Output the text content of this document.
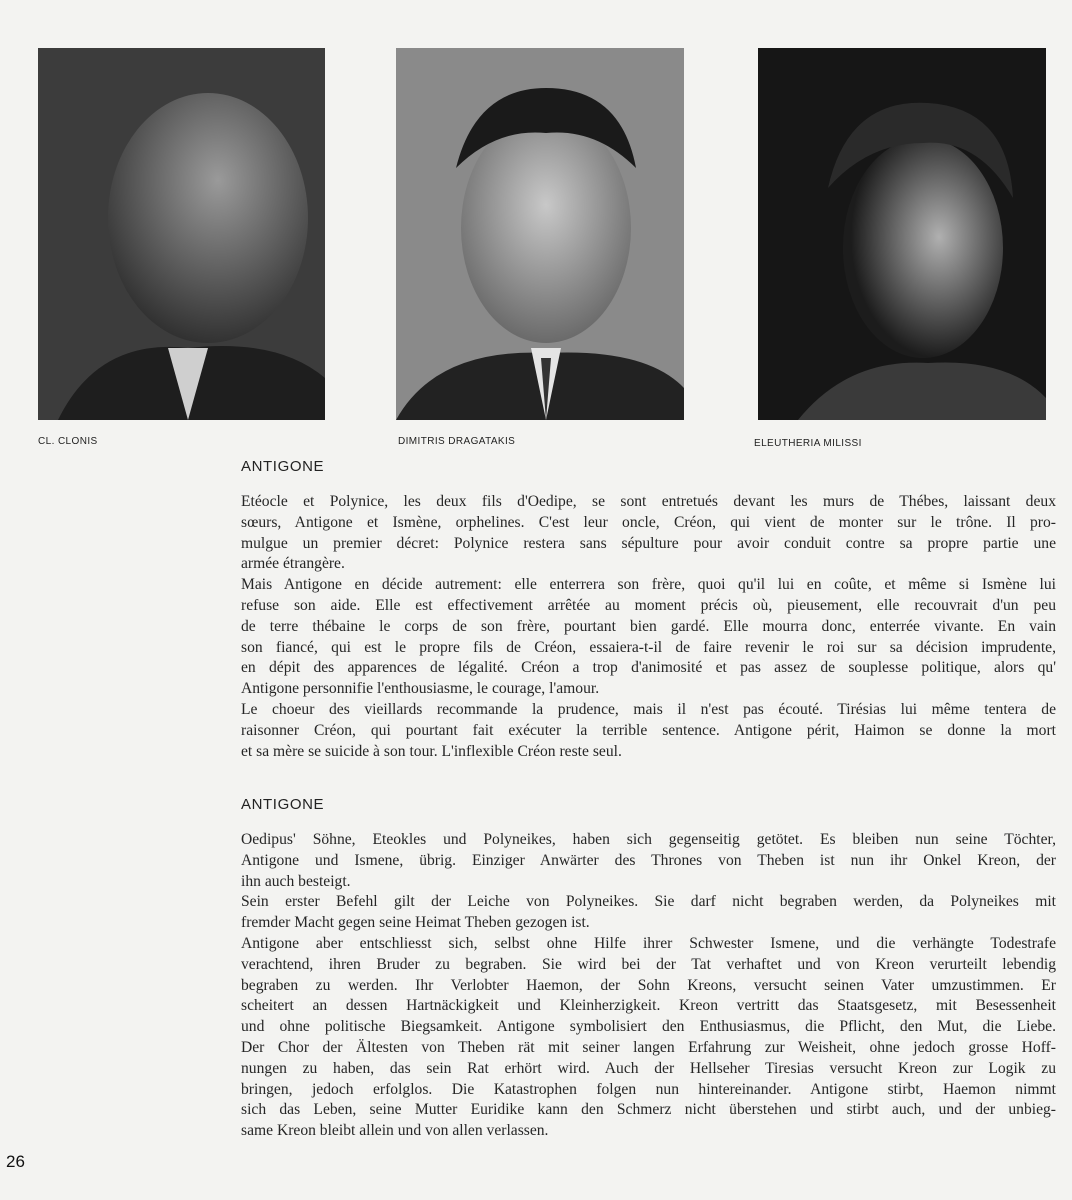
CL. CLONIS	DIMITRIS DRAGATAKIS	ELEUTHERIA MILISSI
ANTIGONE
Etéocle et Polynice, les deux fils d'Oedipe, se sont entretués devant les murs de Thébes, laissant deux
sœurs, Antigone et Ismène, orphelines. C'est leur oncle, Créon, qui vient de monter sur le trône. Il pro-
mulgue un premier décret: Polynice restera sans sépulture pour avoir conduit contre sa propre partie une
armée étrangère.
Mais Antigone en décide autrement: elle enterrera son frère, quoi qu'il lui en coûte, et même si Ismène lui
refuse son aide. Elle est effectivement arrêtée au moment précis où, pieusement, elle recouvrait d'un peu
de terre thébaine le corps de son frère, pourtant bien gardé. Elle mourra donc, enterrée vivante. En vain
son fiancé, qui est le propre fils de Créon, essaiera-t-il de faire revenir le roi sur sa décision imprudente,
en dépit des apparences de légalité. Créon a trop d'animosité et pas assez de souplesse politique, alors qu'
Antigone personnifie l'enthousiasme, le courage, l'amour.
Le choeur des vieillards recommande la prudence, mais il n'est pas écouté. Tirésias lui même tentera de
raisonner Créon, qui pourtant fait exécuter la terrible sentence. Antigone périt, Haimon se donne la mort
et sa mère se suicide à son tour. L'inflexible Créon reste seul.
ANTIGONE
Oedipus' Söhne, Eteokles und Polyneikes, haben sich gegenseitig getötet. Es bleiben nun seine Töchter,
Antigone und Ismene, übrig. Einziger Anwärter des Thrones von Theben ist nun ihr Onkel Kreon, der
ihn auch besteigt.
Sein erster Befehl gilt der Leiche von Polyneikes. Sie darf nicht begraben werden, da Polyneikes mit
fremder Macht gegen seine Heimat Theben gezogen ist.
Antigone aber entschliesst sich, selbst ohne Hilfe ihrer Schwester Ismene, und die verhängte Todestrafe
verachtend, ihren Bruder zu begraben. Sie wird bei der Tat verhaftet und von Kreon verurteilt lebendig
begraben zu werden. Ihr Verlobter Haemon, der Sohn Kreons, versucht seinen Vater umzustimmen. Er
scheitert an dessen Hartnäckigkeit und Kleinherzigkeit. Kreon vertritt das Staatsgesetz, mit Besessenheit
und ohne politische Biegsamkeit. Antigone symbolisiert den Enthusiasmus, die Pflicht, den Mut, die Liebe.
Der Chor der Ältesten von Theben rät mit seiner langen Erfahrung zur Weisheit, ohne jedoch grosse Hoff-
nungen zu haben, das sein Rat erhört wird. Auch der Hellseher Tiresias versucht Kreon zur Logik zu
bringen, jedoch erfolglos. Die Katastrophen folgen nun hintereinander. Antigone stirbt, Haemon nimmt
sich das Leben, seine Mutter Euridike kann den Schmerz nicht überstehen und stirbt auch, und der unbieg-
same Kreon bleibt allein und von allen verlassen.
26
